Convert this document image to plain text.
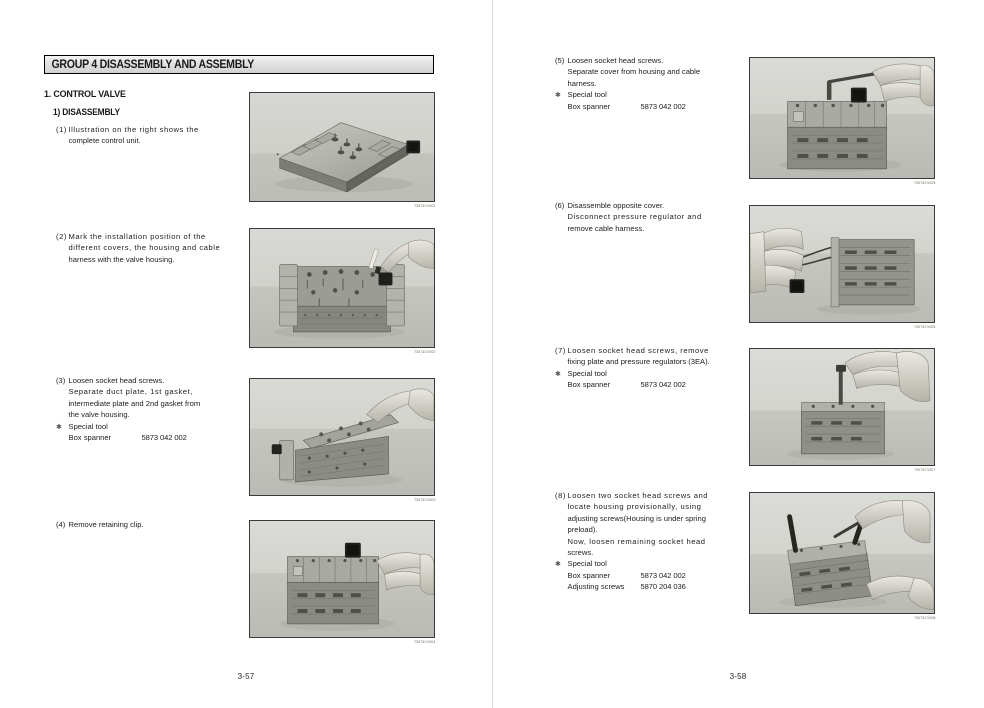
GROUP 4 DISASSEMBLY AND ASSEMBLY
1. CONTROL VALVE
1) DISASSEMBLY
(1) Illustration on the right shows the
complete control unit.
(2) Mark the installation position of the
different covers, the housing and cable
harness with the valve housing.
(3) Loosen socket head screws.
Separate duct plate, 1st gasket,
intermediate plate and 2nd gasket from
the valve housing.
✱ Special tool
Box spanner	5873 042 002
(4) Remove retaining clip.
73073CV001
73073CV002
73073CV003
73073CV004
3-57
(5) Loosen socket head screws.
Separate cover from housing and cable
harness.
✱ Special tool
Box spanner	5873 042 002
(6) Disassemble opposite cover.
Disconnect pressure regulator and
remove cable harness.
(7) Loosen socket head screws, remove
fixing plate and pressure regulators (3EA).
✱ Special tool
Box spanner	5873 042 002
(8) Loosen two socket head screws and
locate housing provisionally, using
adjusting screws(Housing is under spring
preload).
Now, loosen remaining socket head
screws.
✱ Special tool
Box spanner	5873 042 002
Adjusting screws	5870 204 036
73073CV005
73073CV006
73073CV007
73073CV008
3-58
